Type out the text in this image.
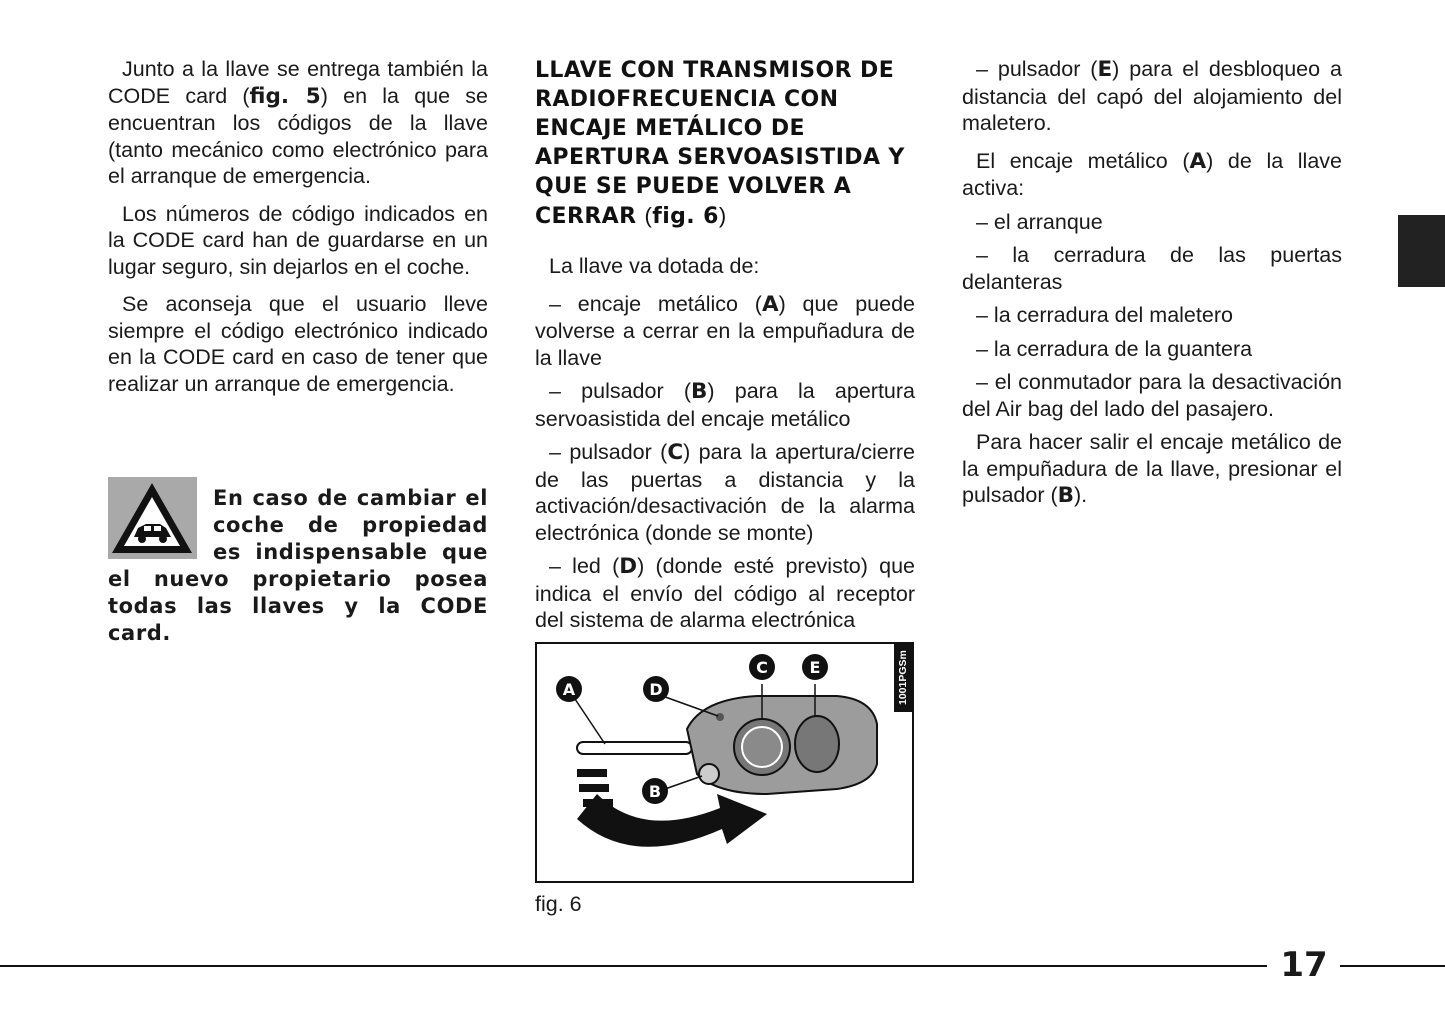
Junto a la llave se entrega también la CODE card (fig. 5) en la que se encuentran los códigos de la llave (tanto mecánico como electrónico para el arranque de emergencia.

Los números de código indicados en la CODE card han de guardarse en un lugar seguro, sin dejarlos en el coche.

Se aconseja que el usuario lleve siempre el código electrónico indicado en la CODE card en caso de tener que realizar un arranque de emergencia.

En caso de cambiar el coche de propiedad es indispensable que el nuevo propietario posea todas las llaves y la CODE card.

LLAVE CON TRANSMISOR DE RADIOFRECUENCIA CON ENCAJE METÁLICO DE APERTURA SERVOASISTIDA Y QUE SE PUEDE VOLVER A CERRAR (fig. 6)

La llave va dotada de:

– encaje metálico (A) que puede volverse a cerrar en la empuñadura de la llave

– pulsador (B) para la apertura servoasistida del encaje metálico

– pulsador (C) para la apertura/cierre de las puertas a distancia y la activación/desactivación de la alarma electrónica (donde se monte)

– led (D) (donde esté previsto) que indica el envío del código al receptor del sistema de alarma electrónica

A	D
C	E
B
1001PGSm
fig. 6

– pulsador (E) para el desbloqueo a distancia del capó del alojamiento del maletero.

El encaje metálico (A) de la llave activa:

– el arranque

– la cerradura de las puertas delanteras

– la cerradura del maletero

– la cerradura de la guantera

– el conmutador para la desactivación del Air bag del lado del pasajero.

Para hacer salir el encaje metálico de la empuñadura de la llave, presionar el pulsador (B).

17
